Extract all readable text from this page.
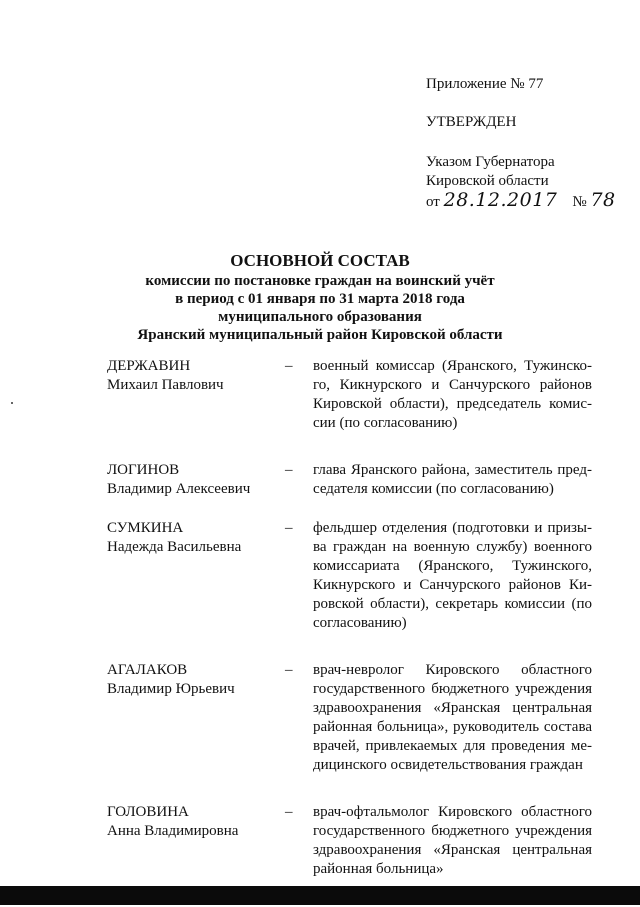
Приложение № 77
УТВЕРЖДЕН
Указом Губернатора
Кировской области
от 28.12.2017 № 78
ОСНОВНОЙ СОСТАВ
комиссии по постановке граждан на воинский учёт
в период с 01 января по 31 марта 2018 года
муниципального образования
Яранский муниципальный район Кировской области
ДЕРЖАВИН
Михаил Павлович
–	военный комиссар (Яранского, Тужинско-го, Кикнурского и Санчурского районов Кировской области), председатель комис-сии (по согласованию)
ЛОГИНОВ
Владимир Алексеевич
–	глава Яранского района, заместитель пред-седателя комиссии (по согласованию)
СУМКИНА
Надежда Васильевна
–	фельдшер отделения (подготовки и призы-ва граждан на военную службу) военного комиссариата (Яранского, Тужинского, Кикнурского и Санчурского районов Ки-ровской области), секретарь комиссии (по согласованию)
АГАЛАКОВ
Владимир Юрьевич
–	врач-невролог Кировского областного государственного бюджетного учреждения здравоохранения «Яранская центральная районная больница», руководитель состава врачей, привлекаемых для проведения ме-дицинского освидетельствования граждан
ГОЛОВИНА
Анна Владимировна
–	врач-офтальмолог Кировского областного государственного бюджетного учреждения здравоохранения «Яранская центральная районная больница»
